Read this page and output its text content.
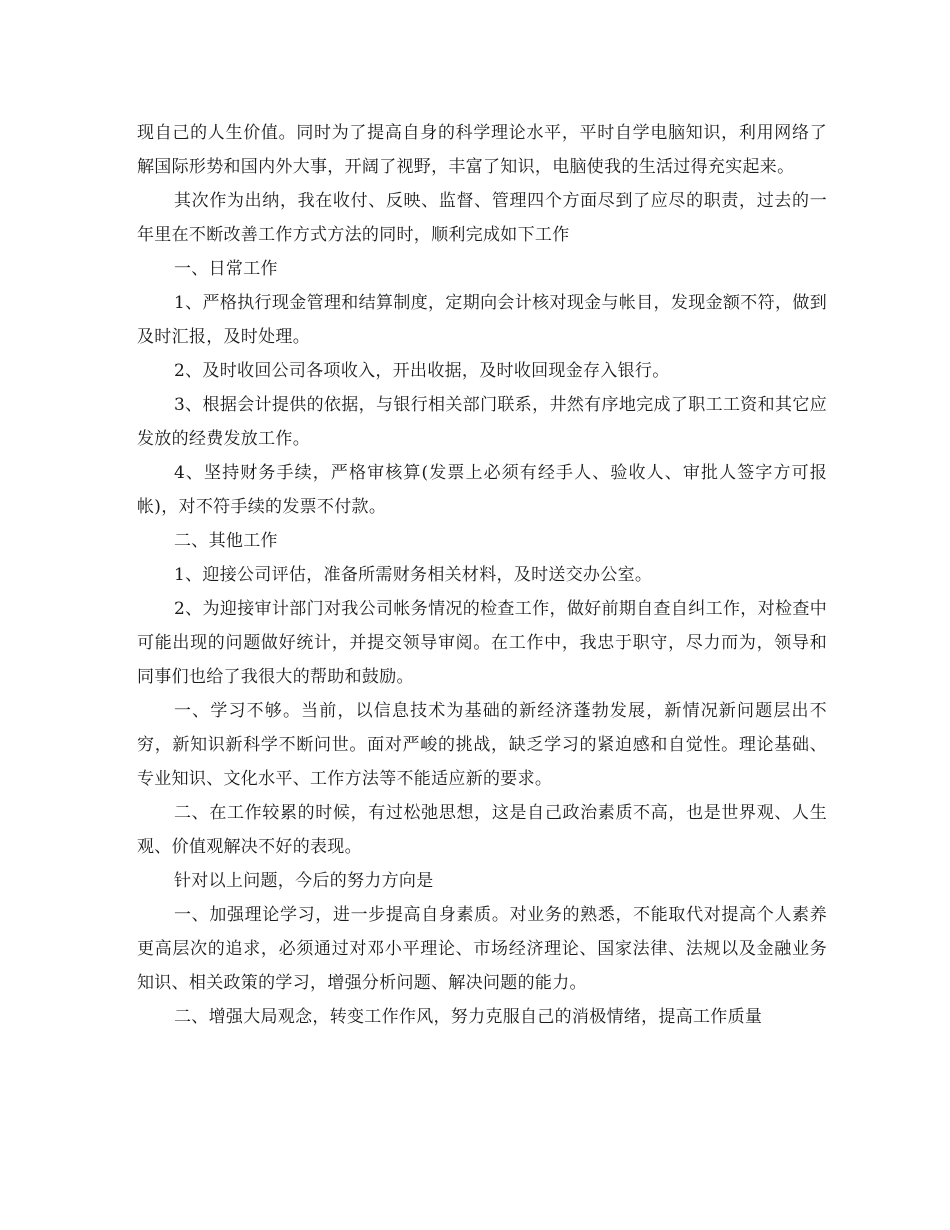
现自己的人生价值。同时为了提高自身的科学理论水平，平时自学电脑知识，利用网络了解国际形势和国内外大事，开阔了视野，丰富了知识，电脑使我的生活过得充实起来。

其次作为出纳，我在收付、反映、监督、管理四个方面尽到了应尽的职责，过去的一年里在不断改善工作方式方法的同时，顺利完成如下工作

一、日常工作

1、严格执行现金管理和结算制度，定期向会计核对现金与帐目，发现金额不符，做到及时汇报，及时处理。

2、及时收回公司各项收入，开出收据，及时收回现金存入银行。

3、根据会计提供的依据，与银行相关部门联系，井然有序地完成了职工工资和其它应发放的经费发放工作。

4、坚持财务手续，严格审核算(发票上必须有经手人、验收人、审批人签字方可报帐)，对不符手续的发票不付款。

二、其他工作

1、迎接公司评估，准备所需财务相关材料，及时送交办公室。

2、为迎接审计部门对我公司帐务情况的检查工作，做好前期自查自纠工作，对检查中可能出现的问题做好统计，并提交领导审阅。在工作中，我忠于职守，尽力而为，领导和同事们也给了我很大的帮助和鼓励。

一、学习不够。当前，以信息技术为基础的新经济蓬勃发展，新情况新问题层出不穷，新知识新科学不断问世。面对严峻的挑战，缺乏学习的紧迫感和自觉性。理论基础、专业知识、文化水平、工作方法等不能适应新的要求。

二、在工作较累的时候，有过松弛思想，这是自己政治素质不高，也是世界观、人生观、价值观解决不好的表现。

针对以上问题，今后的努力方向是

一、加强理论学习，进一步提高自身素质。对业务的熟悉，不能取代对提高个人素养更高层次的追求，必须通过对邓小平理论、市场经济理论、国家法律、法规以及金融业务知识、相关政策的学习，增强分析问题、解决问题的能力。

二、增强大局观念，转变工作作风，努力克服自己的消极情绪，提高工作质量
